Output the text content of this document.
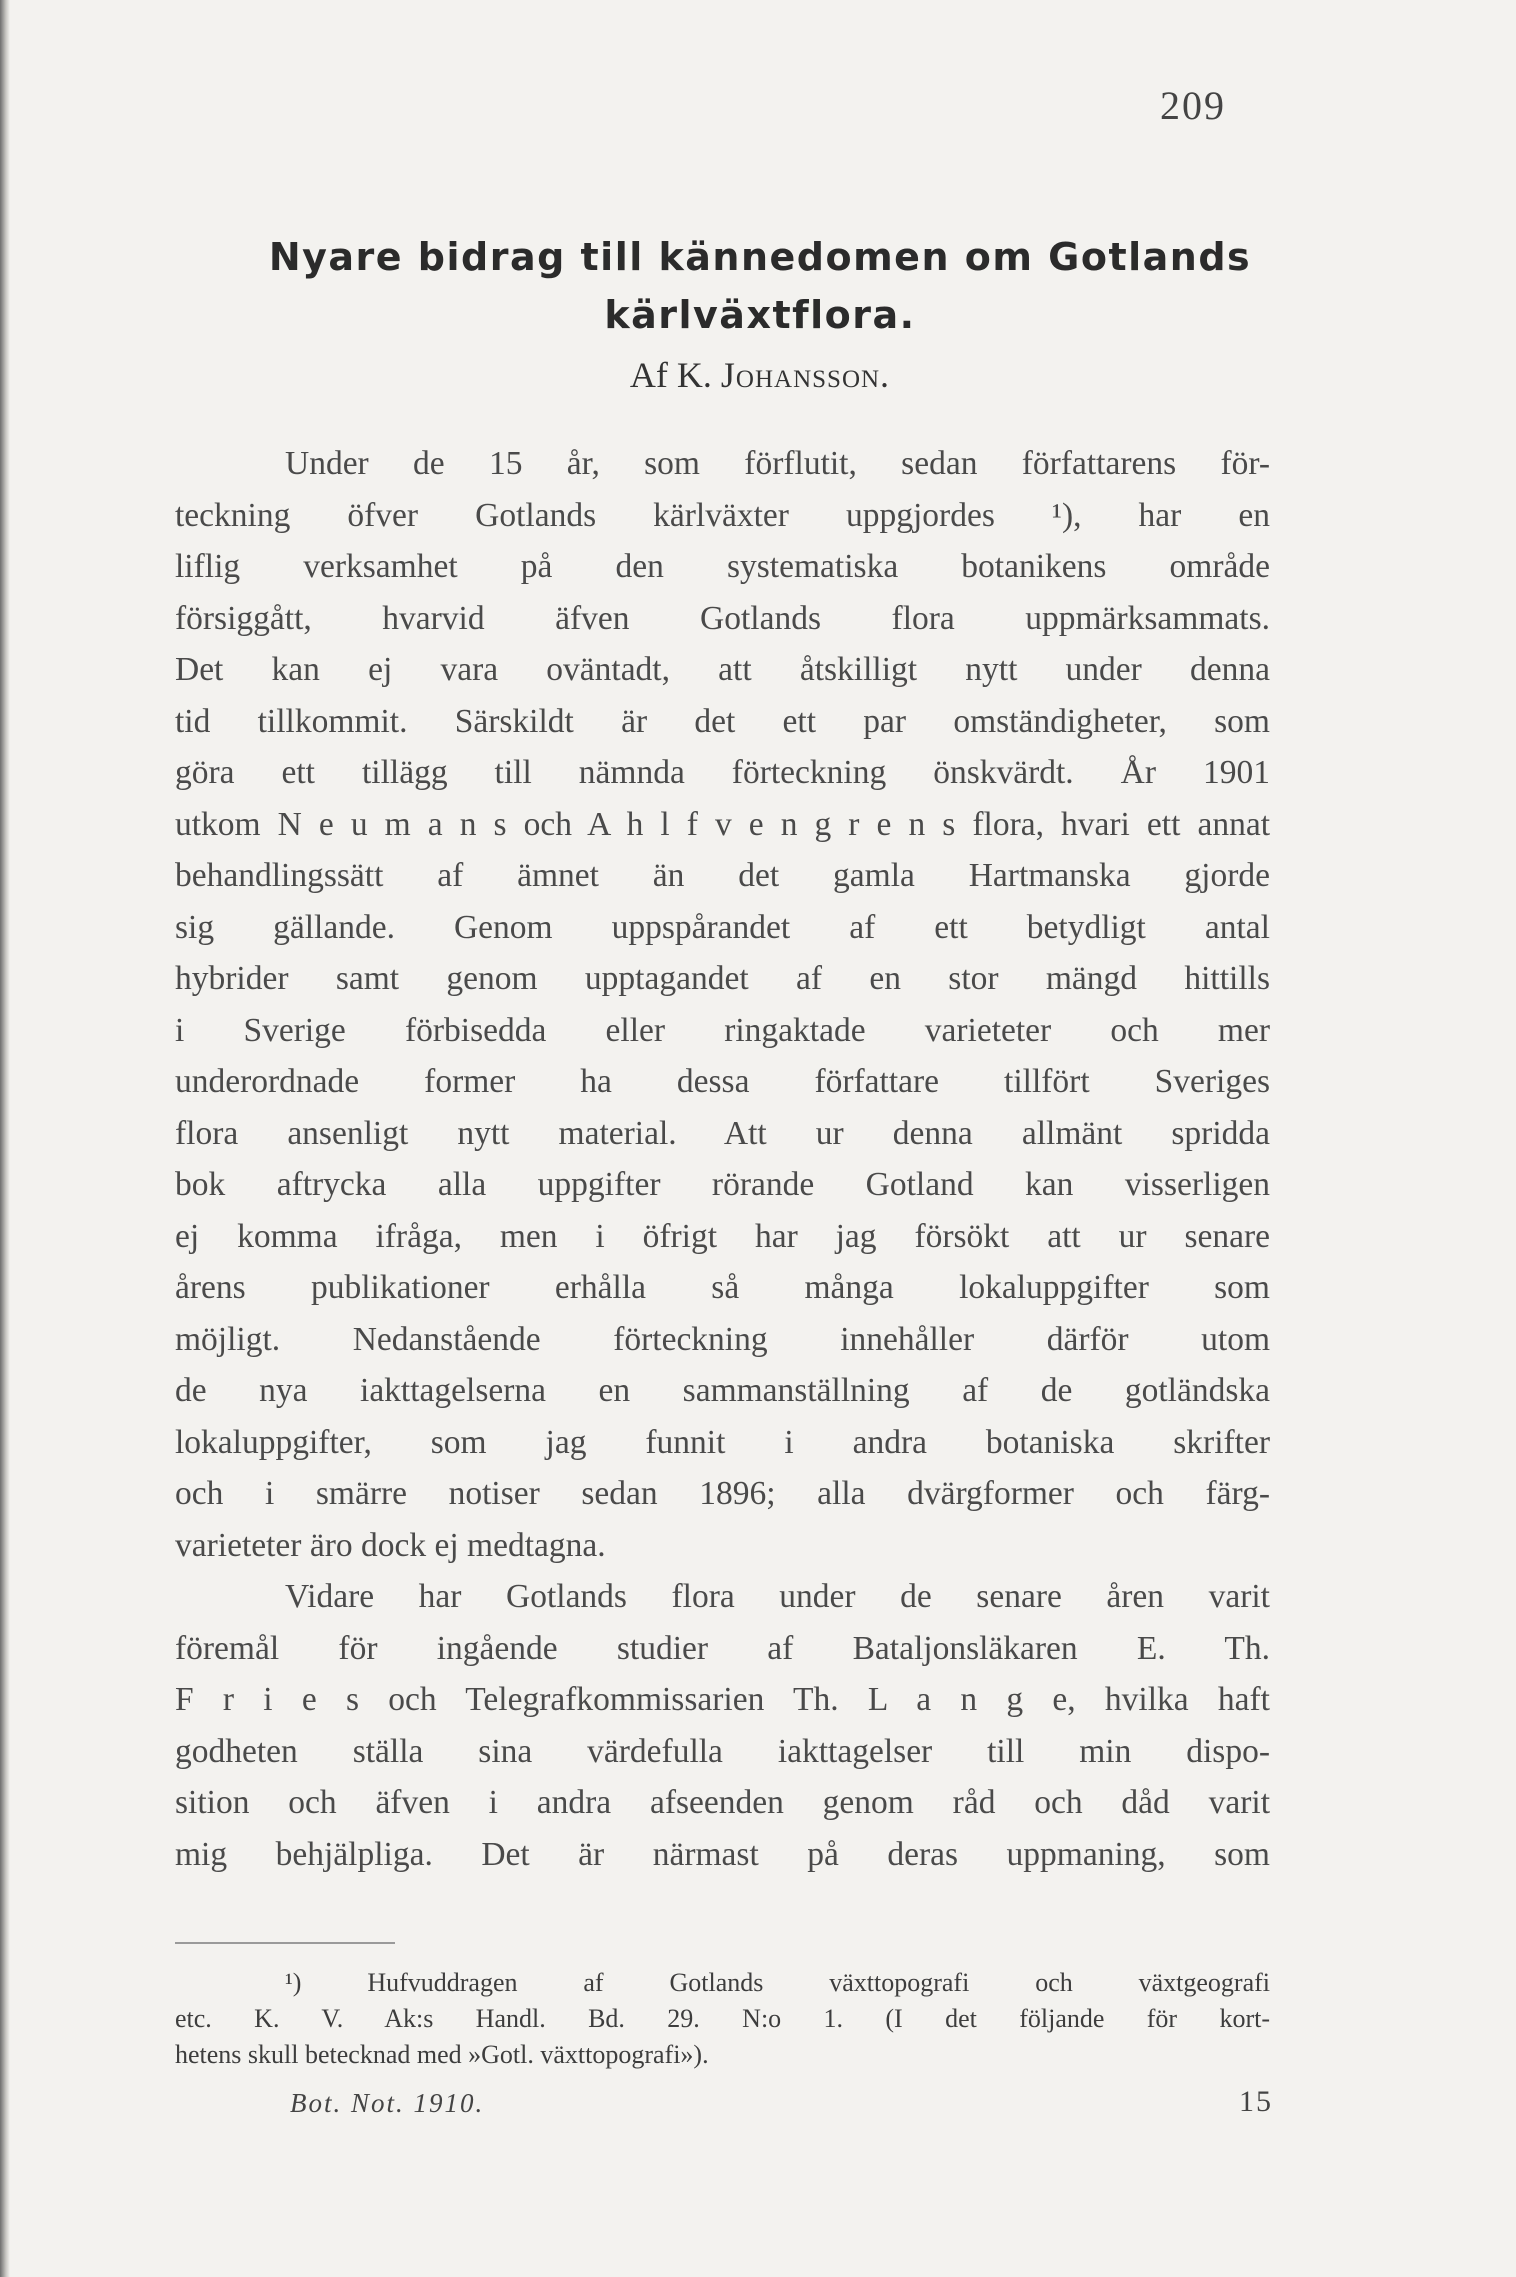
209
Nyare bidrag till kännedomen om Gotlands
kärlväxtflora.
Af K. Johansson.
Under de 15 år, som förflutit, sedan författarens för-
teckning öfver Gotlands kärlväxter uppgjordes ¹), har en
liflig verksamhet på den systematiska botanikens område
försiggått, hvarvid äfven Gotlands flora uppmärksammats.
Det kan ej vara oväntadt, att åtskilligt nytt under denna
tid tillkommit. Särskildt är det ett par omständigheter, som
göra ett tillägg till nämnda förteckning önskvärdt. År 1901
utkom N e u m a n s och A h l f v e n g r e n s flora, hvari ett annat
behandlingssätt af ämnet än det gamla Hartmanska gjorde
sig gällande. Genom uppspårandet af ett betydligt antal
hybrider samt genom upptagandet af en stor mängd hittills
i Sverige förbisedda eller ringaktade varieteter och mer
underordnade former ha dessa författare tillfört Sveriges
flora ansenligt nytt material. Att ur denna allmänt spridda
bok aftrycka alla uppgifter rörande Gotland kan visserligen
ej komma ifråga, men i öfrigt har jag försökt att ur senare
årens publikationer erhålla så många lokaluppgifter som
möjligt. Nedanstående förteckning innehåller därför utom
de nya iakttagelserna en sammanställning af de gotländska
lokaluppgifter, som jag funnit i andra botaniska skrifter
och i smärre notiser sedan 1896; alla dvärgformer och färg-
varieteter äro dock ej medtagna.
Vidare har Gotlands flora under de senare åren varit
föremål för ingående studier af Bataljonsläkaren E. Th.
F r i e s och Telegrafkommissarien Th. L a n g e, hvilka haft
godheten ställa sina värdefulla iakttagelser till min dispo-
sition och äfven i andra afseenden genom råd och dåd varit
mig behjälpliga. Det är närmast på deras uppmaning, som
¹) Hufvuddragen af Gotlands växttopografi och växtgeografi
etc. K. V. Ak:s Handl. Bd. 29. N:o 1. (I det följande för kort-
hetens skull betecknad med »Gotl. växttopografi»).
Bot. Not. 1910.	15
